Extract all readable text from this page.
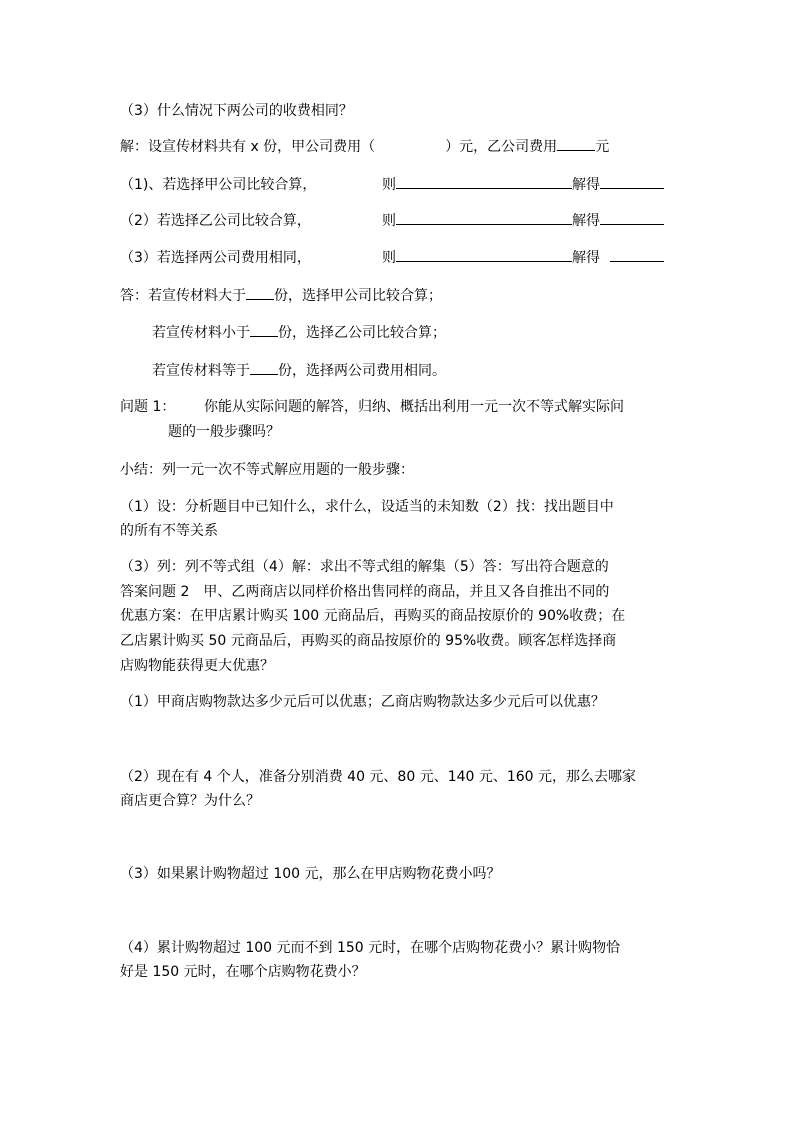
（3）什么情况下两公司的收费相同？
解：设宣传材料共有 x 份，甲公司费用（	）元，乙公司费用	元
（1)、若选择甲公司比较合算，	则	解得
（2）若选择乙公司比较合算，	则	解得
（3）若选择两公司费用相同，	则	解得
答：若宣传材料大于 份，选择甲公司比较合算；
若宣传材料小于 份，选择乙公司比较合算；
若宣传材料等于 份，选择两公司费用相同。
问题 1： 你能从实际问题的解答，归纳、概括出利用一元一次不等式解实际问
题的一般步骤吗？
小结：列一元一次不等式解应用题的一般步骤：
（1）设：分析题目中已知什么，求什么，设适当的未知数（2）找：找出题目中
的所有不等关系
（3）列：列不等式组（4）解：求出不等式组的解集（5）答：写出符合题意的
答案问题 2　甲、乙两商店以同样价格出售同样的商品，并且又各自推出不同的
优惠方案：在甲店累计购买 100 元商品后，再购买的商品按原价的 90%收费；在
乙店累计购买 50 元商品后，再购买的商品按原价的 95%收费。顾客怎样选择商
店购物能获得更大优惠？
（1）甲商店购物款达多少元后可以优惠；乙商店购物款达多少元后可以优惠？
（2）现在有 4 个人，准备分别消费 40 元、80 元、140 元、160 元，那么去哪家
商店更合算？为什么？
（3）如果累计购物超过 100 元，那么在甲店购物花费小吗？
（4）累计购物超过 100 元而不到 150 元时，在哪个店购物花费小？累计购物恰
好是 150 元时，在哪个店购物花费小？
